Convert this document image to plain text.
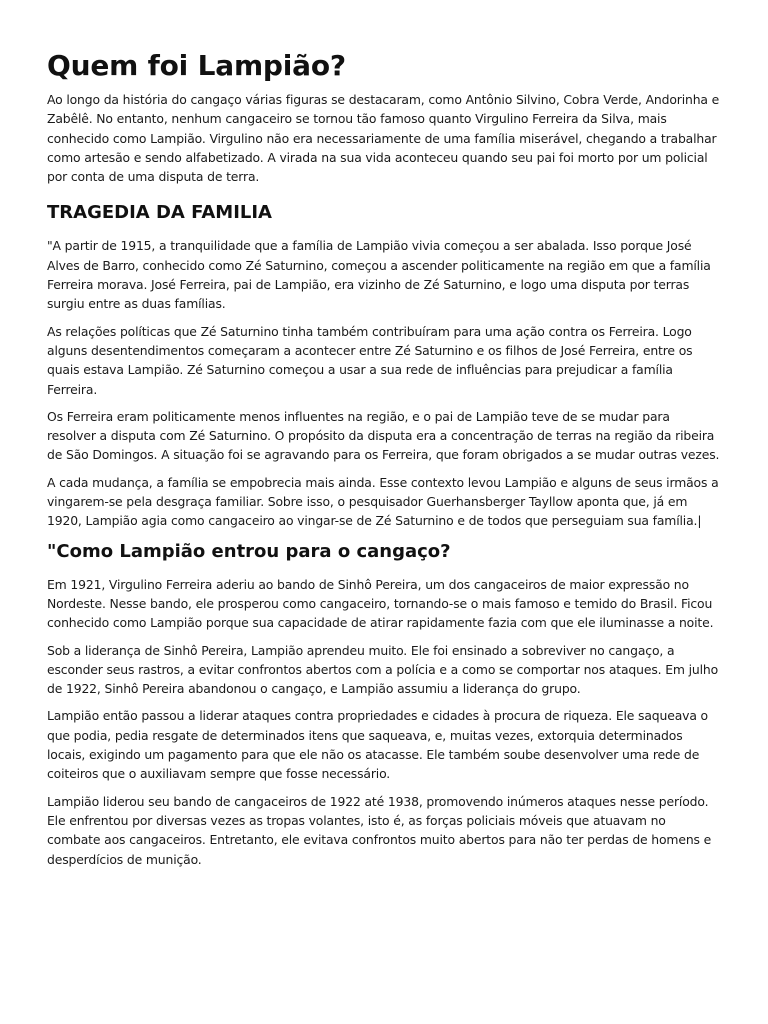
Quem foi Lampião?

Ao longo da história do cangaço várias figuras se destacaram, como Antônio Silvino, Cobra Verde, Andorinha e Zabêlê. No entanto, nenhum cangaceiro se tornou tão famoso quanto Virgulino Ferreira da Silva, mais conhecido como Lampião. Virgulino não era necessariamente de uma família miserável, chegando a trabalhar como artesão e sendo alfabetizado. A virada na sua vida aconteceu quando seu pai foi morto por um policial por conta de uma disputa de terra.

TRAGEDIA DA FAMILIA

"A partir de 1915, a tranquilidade que a família de Lampião vivia começou a ser abalada. Isso porque José Alves de Barro, conhecido como Zé Saturnino, começou a ascender politicamente na região em que a família Ferreira morava. José Ferreira, pai de Lampião, era vizinho de Zé Saturnino, e logo uma disputa por terras surgiu entre as duas famílias.

As relações políticas que Zé Saturnino tinha também contribuíram para uma ação contra os Ferreira. Logo alguns desentendimentos começaram a acontecer entre Zé Saturnino e os filhos de José Ferreira, entre os quais estava Lampião. Zé Saturnino começou a usar a sua rede de influências para prejudicar a família Ferreira.

Os Ferreira eram politicamente menos influentes na região, e o pai de Lampião teve de se mudar para resolver a disputa com Zé Saturnino. O propósito da disputa era a concentração de terras na região da ribeira de São Domingos. A situação foi se agravando para os Ferreira, que foram obrigados a se mudar outras vezes.

A cada mudança, a família se empobrecia mais ainda. Esse contexto levou Lampião e alguns de seus irmãos a vingarem-se pela desgraça familiar. Sobre isso, o pesquisador Guerhansberger Tayllow aponta que, já em 1920, Lampião agia como cangaceiro ao vingar-se de Zé Saturnino e de todos que perseguiam sua família.|

"Como Lampião entrou para o cangaço?

Em 1921, Virgulino Ferreira aderiu ao bando de Sinhô Pereira, um dos cangaceiros de maior expressão no Nordeste. Nesse bando, ele prosperou como cangaceiro, tornando-se o mais famoso e temido do Brasil. Ficou conhecido como Lampião porque sua capacidade de atirar rapidamente fazia com que ele iluminasse a noite.

Sob a liderança de Sinhô Pereira, Lampião aprendeu muito. Ele foi ensinado a sobreviver no cangaço, a esconder seus rastros, a evitar confrontos abertos com a polícia e a como se comportar nos ataques. Em julho de 1922, Sinhô Pereira abandonou o cangaço, e Lampião assumiu a liderança do grupo.

Lampião então passou a liderar ataques contra propriedades e cidades à procura de riqueza. Ele saqueava o que podia, pedia resgate de determinados itens que saqueava, e, muitas vezes, extorquia determinados locais, exigindo um pagamento para que ele não os atacasse. Ele também soube desenvolver uma rede de coiteiros que o auxiliavam sempre que fosse necessário.

Lampião liderou seu bando de cangaceiros de 1922 até 1938, promovendo inúmeros ataques nesse período. Ele enfrentou por diversas vezes as tropas volantes, isto é, as forças policiais móveis que atuavam no combate aos cangaceiros. Entretanto, ele evitava confrontos muito abertos para não ter perdas de homens e desperdícios de munição.
